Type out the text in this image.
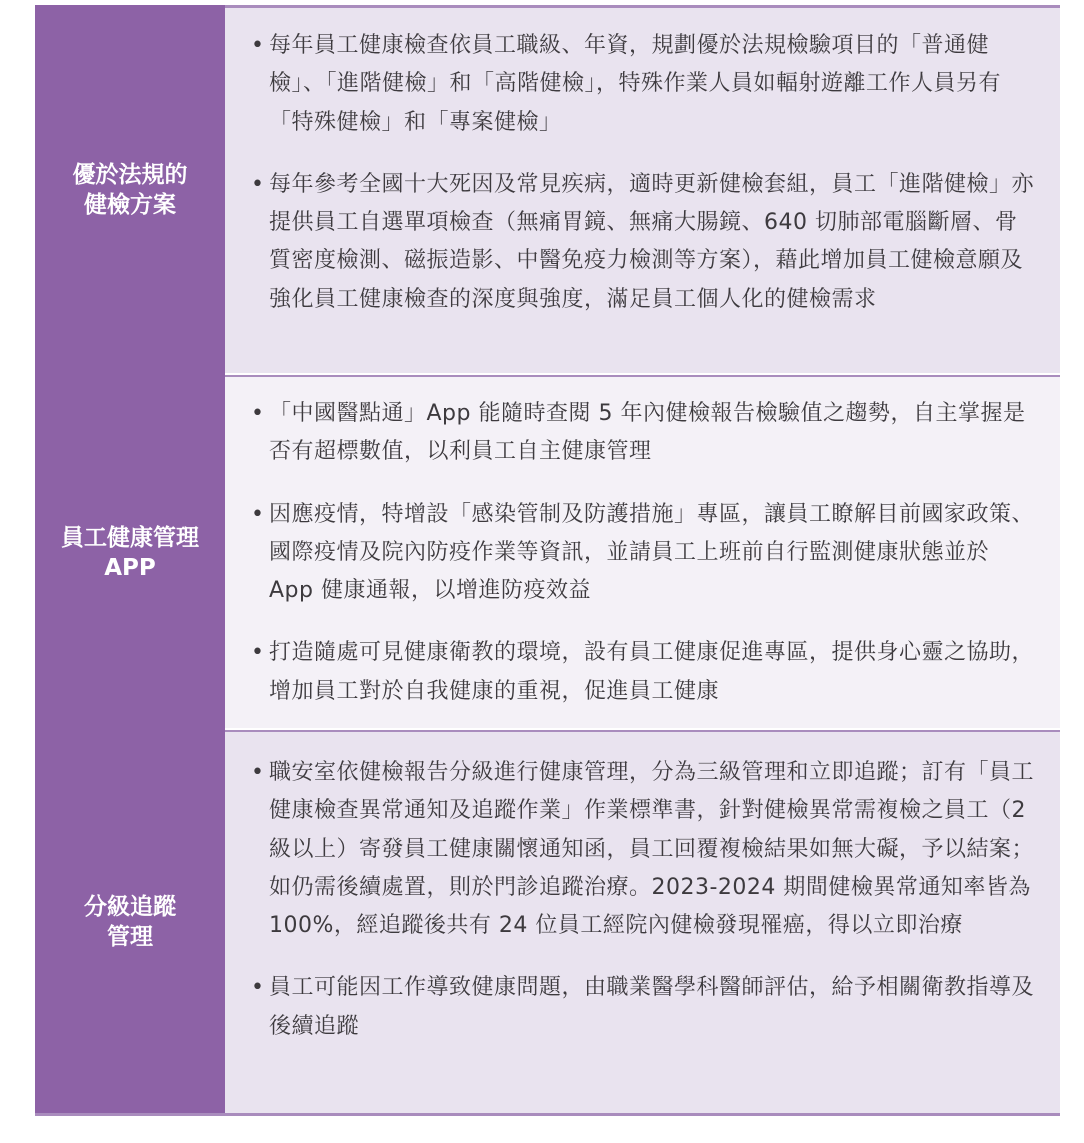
優於法規的
健檢方案
• 每年員工健康檢查依員工職級、年資，規劃優於法規檢驗項目的「普通健檢」、「進階健檢」和「高階健檢」，特殊作業人員如輻射遊離工作人員另有「特殊健檢」和「專案健檢」
• 每年參考全國十大死因及常見疾病，適時更新健檢套組，員工「進階健檢」亦提供員工自選單項檢查（無痛胃鏡、無痛大腸鏡、640 切肺部電腦斷層、骨質密度檢測、磁振造影、中醫免疫力檢測等方案），藉此增加員工健檢意願及強化員工健康檢查的深度與強度，滿足員工個人化的健檢需求
員工健康管理
APP
• 「中國醫點通」App 能隨時查閱 5 年內健檢報告檢驗值之趨勢，自主掌握是否有超標數值，以利員工自主健康管理
• 因應疫情，特增設「感染管制及防護措施」專區，讓員工瞭解目前國家政策、國際疫情及院內防疫作業等資訊，並請員工上班前自行監測健康狀態並於 App 健康通報，以增進防疫效益
• 打造隨處可見健康衛教的環境，設有員工健康促進專區，提供身心靈之協助，增加員工對於自我健康的重視，促進員工健康
分級追蹤
管理
• 職安室依健檢報告分級進行健康管理，分為三級管理和立即追蹤；訂有「員工健康檢查異常通知及追蹤作業」作業標準書，針對健檢異常需複檢之員工（2 級以上）寄發員工健康關懷通知函，員工回覆複檢結果如無大礙，予以結案；如仍需後續處置，則於門診追蹤治療。2023-2024 期間健檢異常通知率皆為 100%，經追蹤後共有 24 位員工經院內健檢發現罹癌，得以立即治療
• 員工可能因工作導致健康問題，由職業醫學科醫師評估，給予相關衛教指導及後續追蹤
